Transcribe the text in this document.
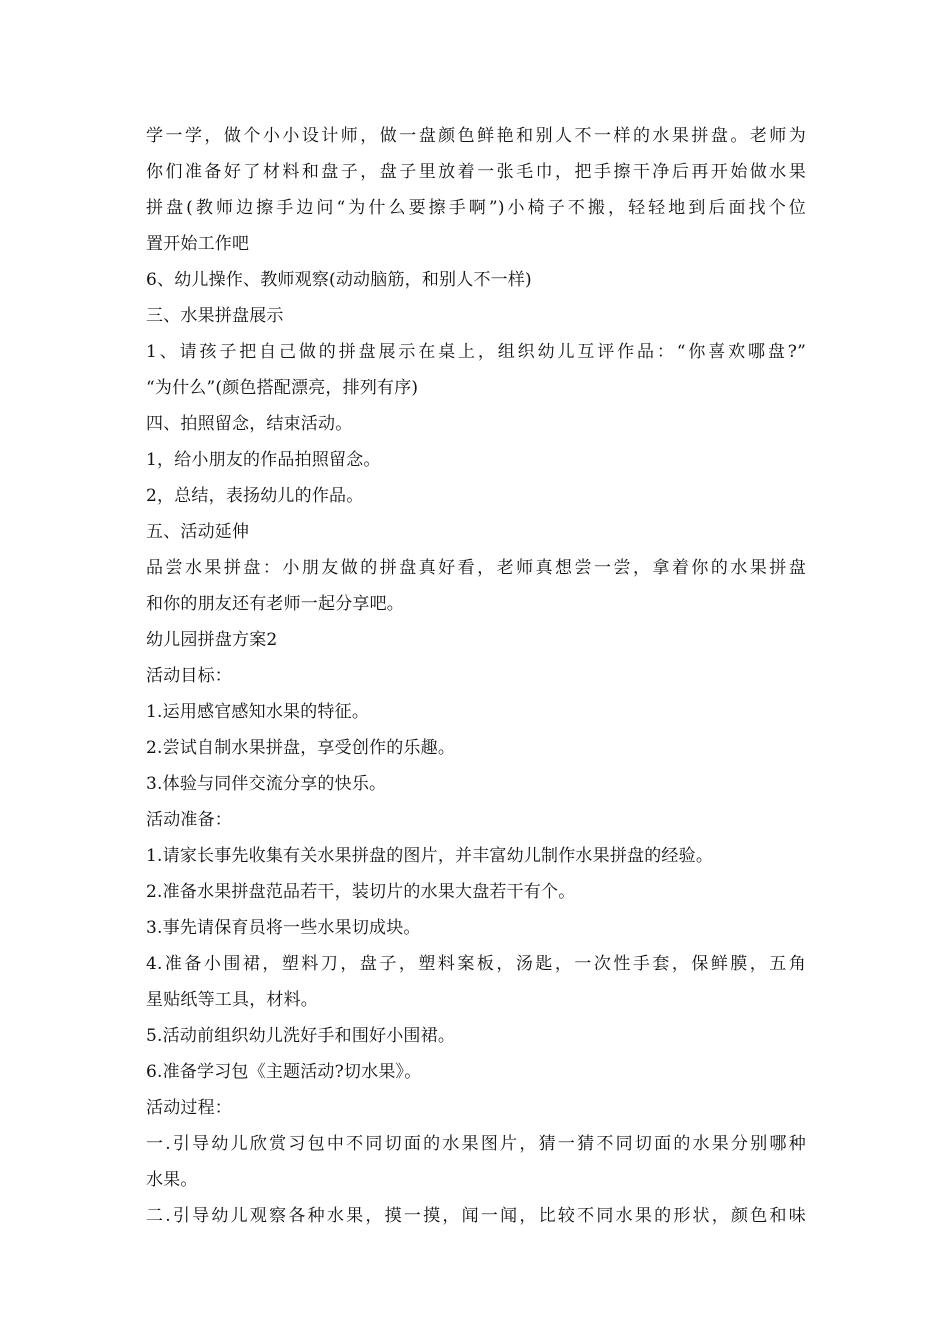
学一学，做个小小设计师，做一盘颜色鲜艳和别人不一样的水果拼盘。老师为
你们准备好了材料和盘子，盘子里放着一张毛巾，把手擦干净后再开始做水果
拼盘(教师边擦手边问“为什么要擦手啊”)小椅子不搬，轻轻地到后面找个位
置开始工作吧
6、幼儿操作、教师观察(动动脑筋，和别人不一样)
三、水果拼盘展示
1、请孩子把自己做的拼盘展示在桌上，组织幼儿互评作品：“你喜欢哪盘?”
“为什么”(颜色搭配漂亮，排列有序)
四、拍照留念，结束活动。
1，给小朋友的作品拍照留念。
2，总结，表扬幼儿的作品。
五、活动延伸
品尝水果拼盘：小朋友做的拼盘真好看，老师真想尝一尝，拿着你的水果拼盘
和你的朋友还有老师一起分享吧。
幼儿园拼盘方案2
活动目标：
1.运用感官感知水果的特征。
2.尝试自制水果拼盘，享受创作的乐趣。
3.体验与同伴交流分享的快乐。
活动准备：
1.请家长事先收集有关水果拼盘的图片，并丰富幼儿制作水果拼盘的经验。
2.准备水果拼盘范品若干，装切片的水果大盘若干有个。
3.事先请保育员将一些水果切成块。
4.准备小围裙，塑料刀，盘子，塑料案板，汤匙，一次性手套，保鲜膜，五角
星贴纸等工具，材料。
5.活动前组织幼儿洗好手和围好小围裙。
6.准备学习包《主题活动?切水果》。
活动过程：
一.引导幼儿欣赏习包中不同切面的水果图片，猜一猜不同切面的水果分别哪种
水果。
二.引导幼儿观察各种水果，摸一摸，闻一闻，比较不同水果的形状，颜色和味
